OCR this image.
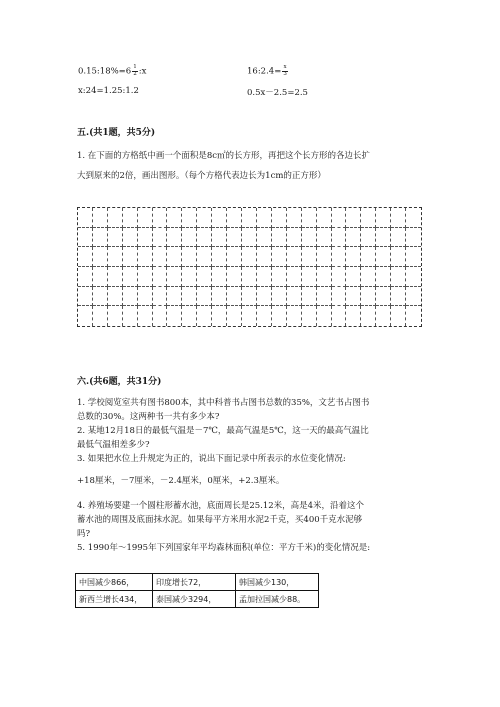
0.15:18%=6 $\frac{1}{2}$ :x	16:2.4= $\frac{x}{3}$
x:24=1.25:1.2	0.5x－2.5=2.5
五.(共1题，共5分)
1. 在下面的方格纸中画一个面积是8c㎡的长方形，再把这个长方形的各边长扩
大到原来的2倍，画出图形。（每个方格代表边长为1cm的正方形）
六.(共6题，共31分)
1. 学校阅览室共有图书800本，其中科普书占图书总数的35%，文艺书占图书
总数的30%。这两种书一共有多少本?
2. 某地12月18日的最低气温是－7℃，最高气温是5℃，这一天的最高气温比
最低气温相差多少?
3. 如果把水位上升规定为正的，说出下面记录中所表示的水位变化情况:
+18厘米，－7厘米，－2.4厘米，0厘米，+2.3厘米。
4. 养殖场要建一个圆柱形蓄水池，底面周长是25.12米，高是4米，沿着这个
蓄水池的周围及底面抹水泥。如果每平方米用水泥2千克，买400千克水泥够
吗?
5. 1990年～1995年下列国家年平均森林面积(单位：平方千米)的变化情况是:
中国减少866，	印度增长72，	韩国减少130，
新西兰增长434，	泰国减少3294，	孟加拉国减少88。
